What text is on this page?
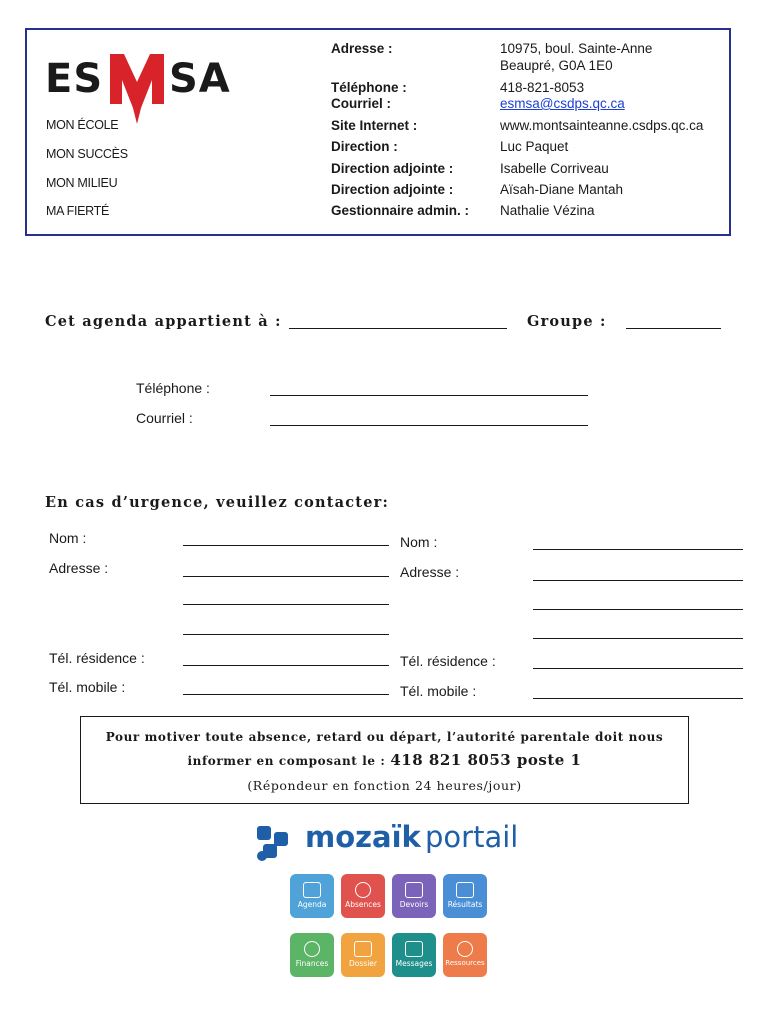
ES SA
MON ÉCOLE
MON SUCCÈS
MON MILIEU
MA FIERTÉ
Adresse :	10975, boul. Sainte-Anne
Beaupré, G0A 1E0
Téléphone :	418-821-8053
Courriel :	esmsa@csdps.qc.ca
Site Internet :	www.montsainteanne.csdps.qc.ca
Direction :	Luc Paquet
Direction adjointe :	Isabelle Corriveau
Direction adjointe :	Aïsah-Diane Mantah
Gestionnaire admin. : Nathalie Vézina
Cet agenda appartient à :	Groupe :
Téléphone :
Courriel :
En cas d’urgence, veuillez contacter:
Nom :
Adresse :
Tél. résidence :
Tél. mobile :
Nom :
Adresse :
Tél. résidence :
Tél. mobile :
Pour motiver toute absence, retard ou départ, l’autorité parentale doit nous
informer en composant le : 418 821 8053 poste 1
(Répondeur en fonction 24 heures/jour)
mozaïk portail
Agenda	Absences	Devoirs	Résultats
Finances	Dossier	Messages	Ressources
